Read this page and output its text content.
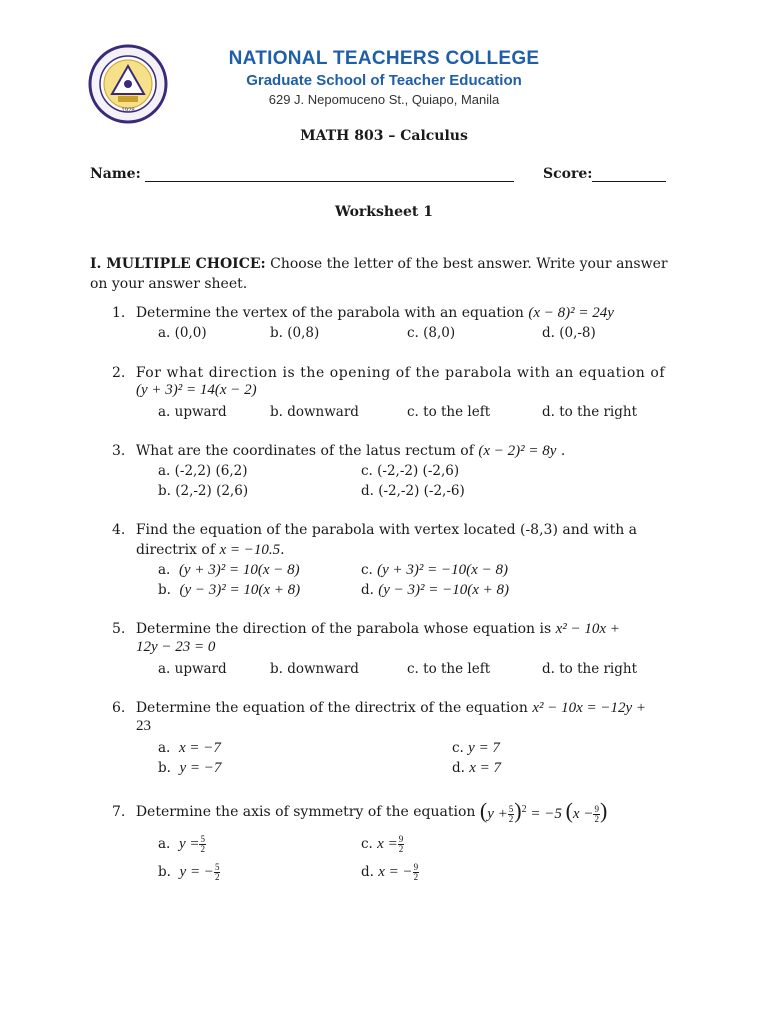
1928
NATIONAL TEACHERS COLLEGE
Graduate School of Teacher Education
629 J. Nepomuceno St., Quiapo, Manila
MATH 803 – Calculus
Name:	Score:
Worksheet 1
I. MULTIPLE CHOICE: Choose the letter of the best answer. Write your answer
on your answer sheet.
1. Determine the vertex of the parabola with an equation (x − 8)² = 24y
a. (0,0)	b. (0,8)	c. (8,0)	d. (0,-8)
2. For what direction is the opening of the parabola with an equation of
(y + 3)² = 14(x − 2)
a. upward	b. downward	c. to the left	d. to the right
3. What are the coordinates of the latus rectum of (x − 2)² = 8y .
a. (-2,2) (6,2)	c. (-2,-2) (-2,6)
b. (2,-2) (2,6)	d. (-2,-2) (-2,-6)
4. Find the equation of the parabola with vertex located (-8,3) and with a
directrix of x = −10.5.
a.  (y + 3)² = 10(x − 8)	c. (y + 3)² = −10(x − 8)
b.  (y − 3)² = 10(x + 8)	d. (y − 3)² = −10(x + 8)
5. Determine the direction of the parabola whose equation is x² − 10x +
12y − 23 = 0
a. upward	b. downward	c. to the left	d. to the right
6. Determine the equation of the directrix of the equation x² − 10x = −12y +
23
a.  x = −7	c. y = 7
b.  y = −7	d. x = 7
7. Determine the axis of symmetry of the equation $(y + \frac{5}{2} )^2 = -5$ ($x - \frac{9}{2}$ )
a. $y = \frac{5}{2}$	c. $x = \frac{9}{2}$
b. y = − $\frac{5}{2}$	d. x = − $\frac{9}{2}$
